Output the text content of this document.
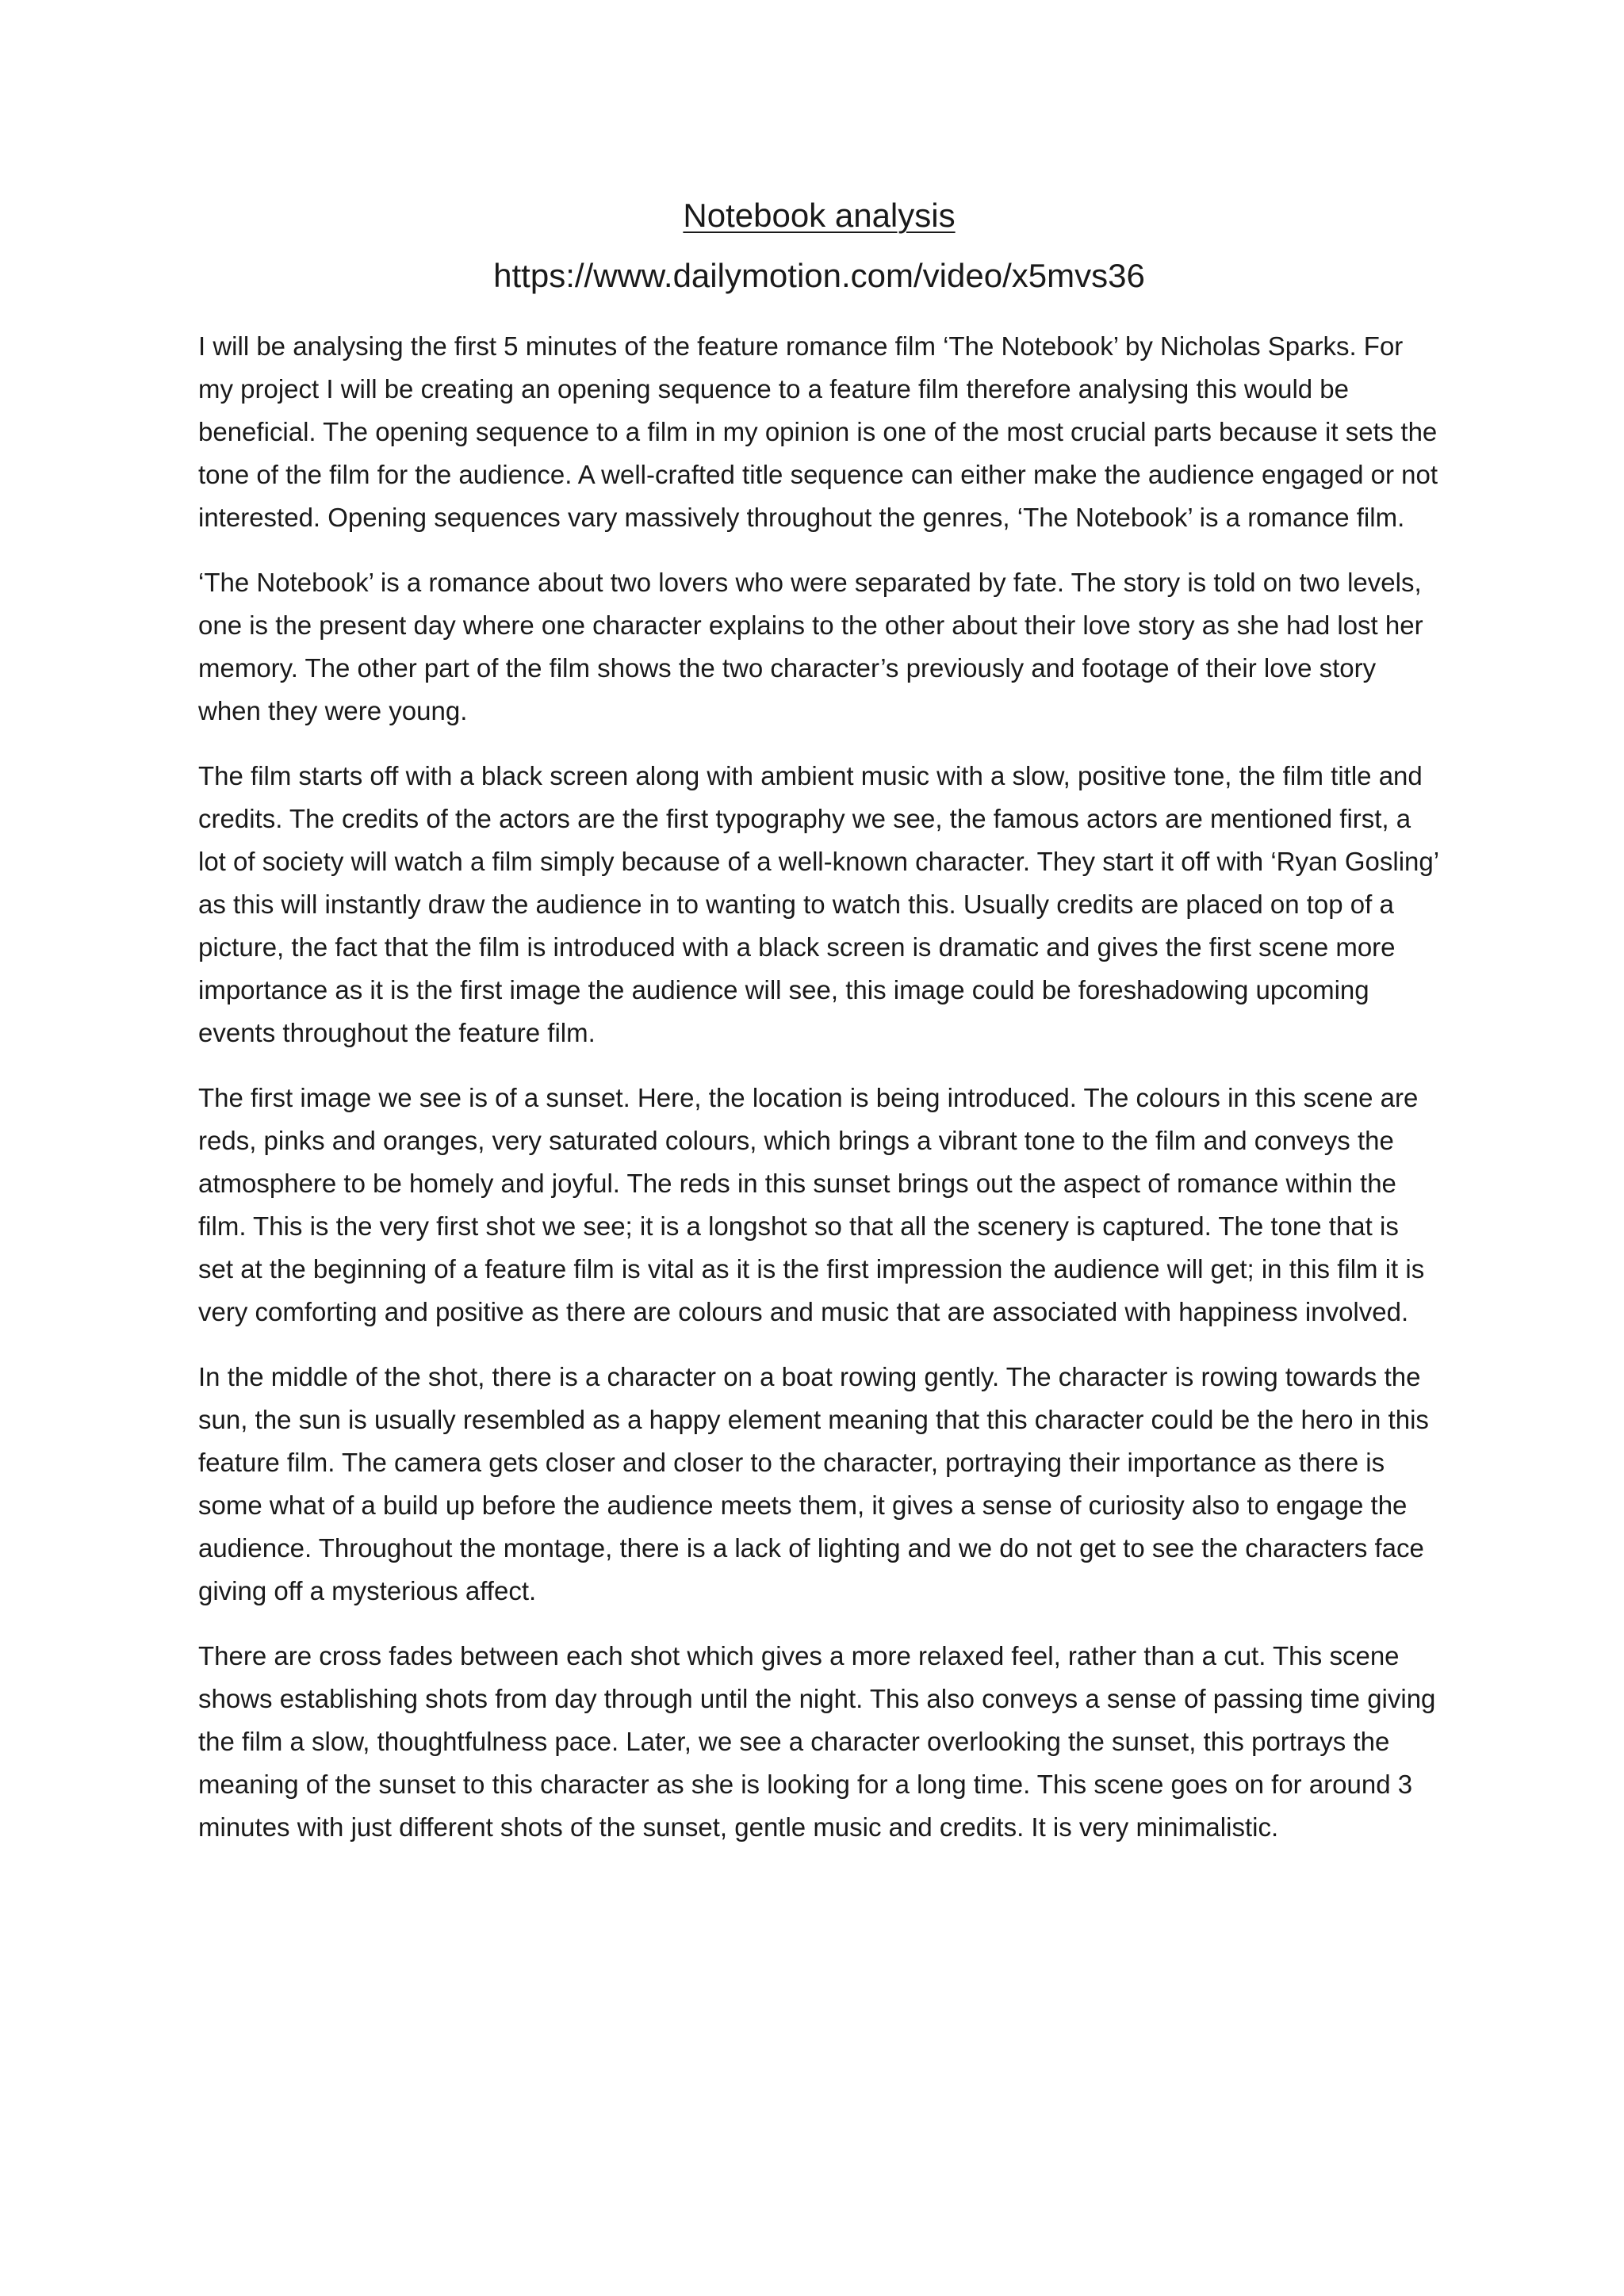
Notebook analysis
https://www.dailymotion.com/video/x5mvs36

I will be analysing the first 5 minutes of the feature romance film ‘The Notebook’ by Nicholas Sparks. For my project I will be creating an opening sequence to a feature film therefore analysing this would be beneficial. The opening sequence to a film in my opinion is one of the most crucial parts because it sets the tone of the film for the audience. A well-crafted title sequence can either make the audience engaged or not interested. Opening sequences vary massively throughout the genres, ‘The Notebook’ is a romance film.

‘The Notebook’ is a romance about two lovers who were separated by fate. The story is told on two levels, one is the present day where one character explains to the other about their love story as she had lost her memory. The other part of the film shows the two character’s previously and footage of their love story when they were young.

The film starts off with a black screen along with ambient music with a slow, positive tone, the film title and credits. The credits of the actors are the first typography we see, the famous actors are mentioned first, a lot of society will watch a film simply because of a well-known character. They start it off with ‘Ryan Gosling’ as this will instantly draw the audience in to wanting to watch this. Usually credits are placed on top of a picture, the fact that the film is introduced with a black screen is dramatic and gives the first scene more importance as it is the first image the audience will see, this image could be foreshadowing upcoming events throughout the feature film.

The first image we see is of a sunset. Here, the location is being introduced. The colours in this scene are reds, pinks and oranges, very saturated colours, which brings a vibrant tone to the film and conveys the atmosphere to be homely and joyful. The reds in this sunset brings out the aspect of romance within the film. This is the very first shot we see; it is a longshot so that all the scenery is captured. The tone that is set at the beginning of a feature film is vital as it is the first impression the audience will get; in this film it is very comforting and positive as there are colours and music that are associated with happiness involved.

In the middle of the shot, there is a character on a boat rowing gently. The character is rowing towards the sun, the sun is usually resembled as a happy element meaning that this character could be the hero in this feature film. The camera gets closer and closer to the character, portraying their importance as there is some what of a build up before the audience meets them, it gives a sense of curiosity also to engage the audience. Throughout the montage, there is a lack of lighting and we do not get to see the characters face giving off a mysterious affect.

There are cross fades between each shot which gives a more relaxed feel, rather than a cut. This scene shows establishing shots from day through until the night. This also conveys a sense of passing time giving the film a slow, thoughtfulness pace. Later, we see a character overlooking the sunset, this portrays the meaning of the sunset to this character as she is looking for a long time. This scene goes on for around 3 minutes with just different shots of the sunset, gentle music and credits. It is very minimalistic.
